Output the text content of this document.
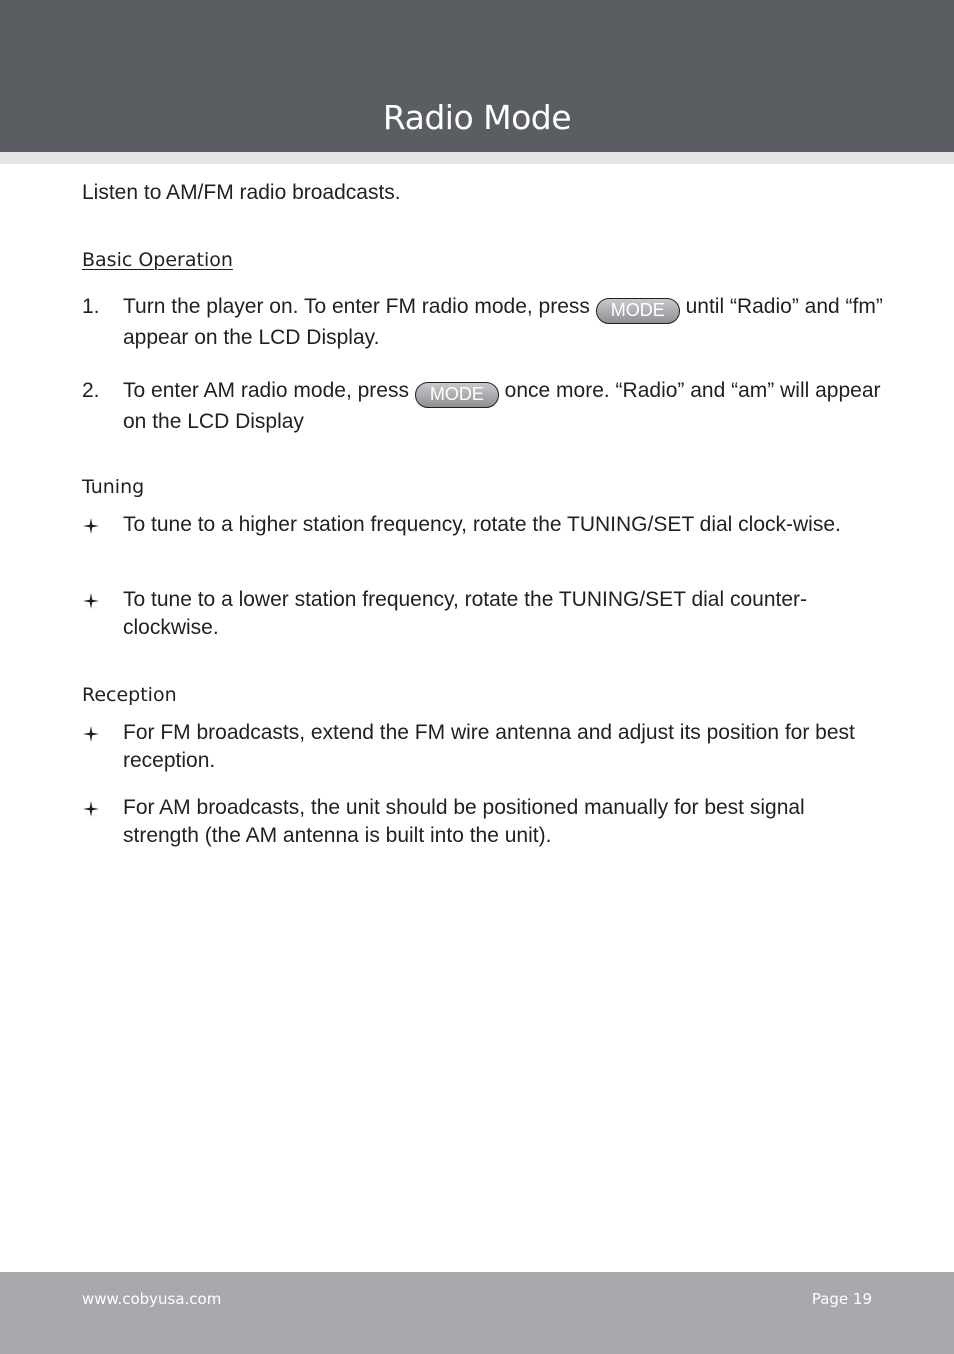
Radio Mode
Listen to AM/FM radio broadcasts.
Basic Operation
1.	Turn the player on. To enter FM radio mode, press MODE until “Radio” and “fm” appear on the LCD Display.
2.	To enter AM radio mode, press MODE once more. “Radio” and “am” will appear on the LCD Display
Tuning
To tune to a higher station frequency, rotate the TUNING/SET dial clock-wise.
To tune to a lower station frequency, rotate the TUNING/SET dial counter-clockwise.
Reception
For FM broadcasts, extend the FM wire antenna and adjust its position for best reception.
For AM broadcasts, the unit should be positioned manually for best signal strength (the AM antenna is built into the unit).
www.cobyusa.com	Page 19
